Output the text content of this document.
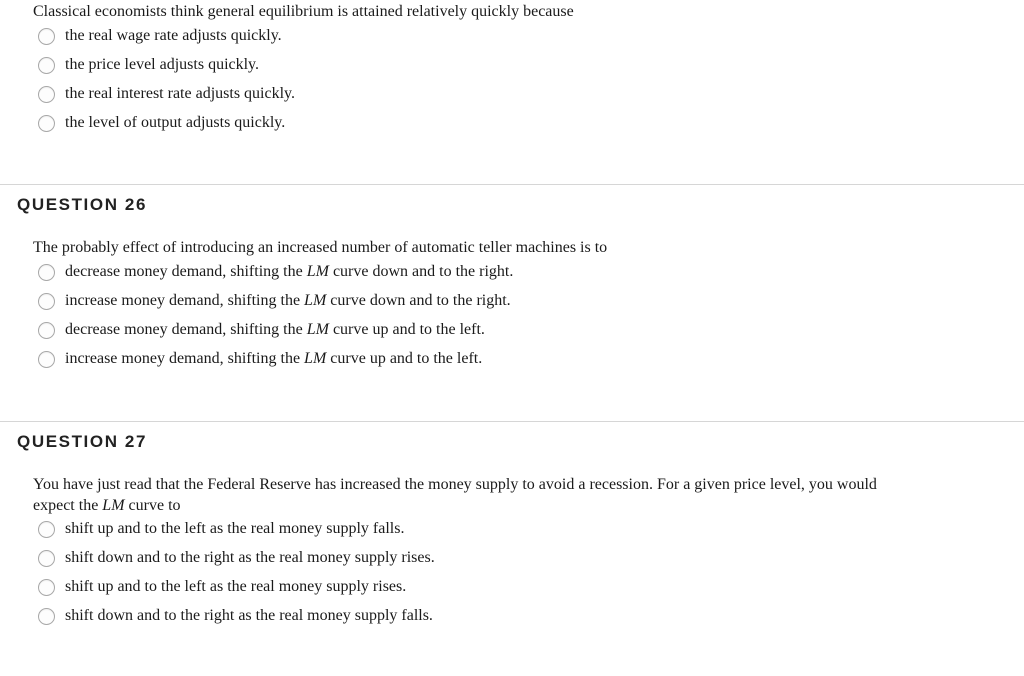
Classical economists think general equilibrium is attained relatively quickly because
the real wage rate adjusts quickly.
the price level adjusts quickly.
the real interest rate adjusts quickly.
the level of output adjusts quickly.
QUESTION 26
The probably effect of introducing an increased number of automatic teller machines is to
decrease money demand, shifting the LM curve down and to the right.
increase money demand, shifting the LM curve down and to the right.
decrease money demand, shifting the LM curve up and to the left.
increase money demand, shifting the LM curve up and to the left.
QUESTION 27
You have just read that the Federal Reserve has increased the money supply to avoid a recession. For a given price level, you would
expect the LM curve to
shift up and to the left as the real money supply falls.
shift down and to the right as the real money supply rises.
shift up and to the left as the real money supply rises.
shift down and to the right as the real money supply falls.
